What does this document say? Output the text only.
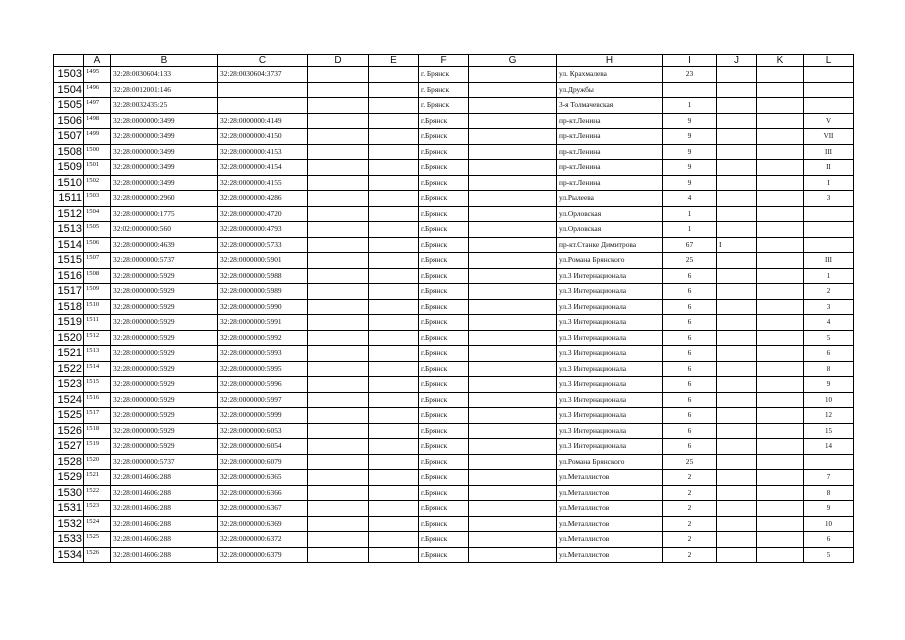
	A	B	C	D	E	F	G	H	I	J	K	L
1503	1495	32:28:0030604:133	32:28:0030604:3737			г. Брянск		ул. Крахмалева	23			
1504	1496	32:28:0012001:146				г. Брянск		ул.Дружбы				
1505	1497	32:28:0032435:25				г. Брянск		3-я Толмачевская	1			
1506	1498	32:28:0000000:3499	32:28:0000000:4149			г.Брянск		пр-кт.Ленина	9			V
1507	1499	32:28:0000000:3499	32:28:0000000:4150			г.Брянск		пр-кт.Ленина	9			VII
1508	1500	32:28:0000000:3499	32:28:0000000:4153			г.Брянск		пр-кт.Ленина	9			III
1509	1501	32:28:0000000:3499	32:28:0000000:4154			г.Брянск		пр-кт.Ленина	9			II
1510	1502	32:28:0000000:3499	32:28:0000000:4155			г.Брянск		пр-кт.Ленина	9			I
1511	1503	32:28:0000000:2960	32:28:0000000:4286			г.Брянск		ул.Рылеева	4			3
1512	1504	32:28:0000000:1775	32:28:0000000:4720			г.Брянск		ул.Орловская	1			
1513	1505	32:02:0000000:560	32:28:0000000:4793			г.Брянск		ул.Орловская	1			
1514	1506	32:28:0000000:4639	32:28:0000000:5733			г.Брянск		пр-кт.Станке Димитрова	67	I		
1515	1507	32:28:0000000:5737	32:28:0000000:5901			г.Брянск		ул.Романа Брянского	25			III
1516	1508	32:28:0000000:5929	32:28:0000000:5988			г.Брянск		ул.3 Интернационала	6			1
1517	1509	32:28:0000000:5929	32:28:0000000:5989			г.Брянск		ул.3 Интернационала	6			2
1518	1510	32:28:0000000:5929	32:28:0000000:5990			г.Брянск		ул.3 Интернационала	6			3
1519	1511	32:28:0000000:5929	32:28:0000000:5991			г.Брянск		ул.3 Интернационала	6			4
1520	1512	32:28:0000000:5929	32:28:0000000:5992			г.Брянск		ул.3 Интернационала	6			5
1521	1513	32:28:0000000:5929	32:28:0000000:5993			г.Брянск		ул.3 Интернационала	6			6
1522	1514	32:28:0000000:5929	32:28:0000000:5995			г.Брянск		ул.3 Интернационала	6			8
1523	1515	32:28:0000000:5929	32:28:0000000:5996			г.Брянск		ул.3 Интернационала	6			9
1524	1516	32:28:0000000:5929	32:28:0000000:5997			г.Брянск		ул.3 Интернационала	6			10
1525	1517	32:28:0000000:5929	32:28:0000000:5999			г.Брянск		ул.3 Интернационала	6			12
1526	1518	32:28:0000000:5929	32:28:0000000:6053			г.Брянск		ул.3 Интернационала	6			15
1527	1519	32:28:0000000:5929	32:28:0000000:6054			г.Брянск		ул.3 Интернационала	6			14
1528	1520	32:28:0000000:5737	32:28:0000000:6079			г.Брянск		ул.Романа Брянского	25			
1529	1521	32:28:0014606:288	32:28:0000000:6365			г.Брянск		ул.Металлистов	2			7
1530	1522	32:28:0014606:288	32:28:0000000:6366			г.Брянск		ул.Металлистов	2			8
1531	1523	32:28:0014606:288	32:28:0000000:6367			г.Брянск		ул.Металлистов	2			9
1532	1524	32:28:0014606:288	32:28:0000000:6369			г.Брянск		ул.Металлистов	2			10
1533	1525	32:28:0014606:288	32:28:0000000:6372			г.Брянск		ул.Металлистов	2			6
1534	1526	32:28:0014606:288	32:28:0000000:6379			г.Брянск		ул.Металлистов	2			5
